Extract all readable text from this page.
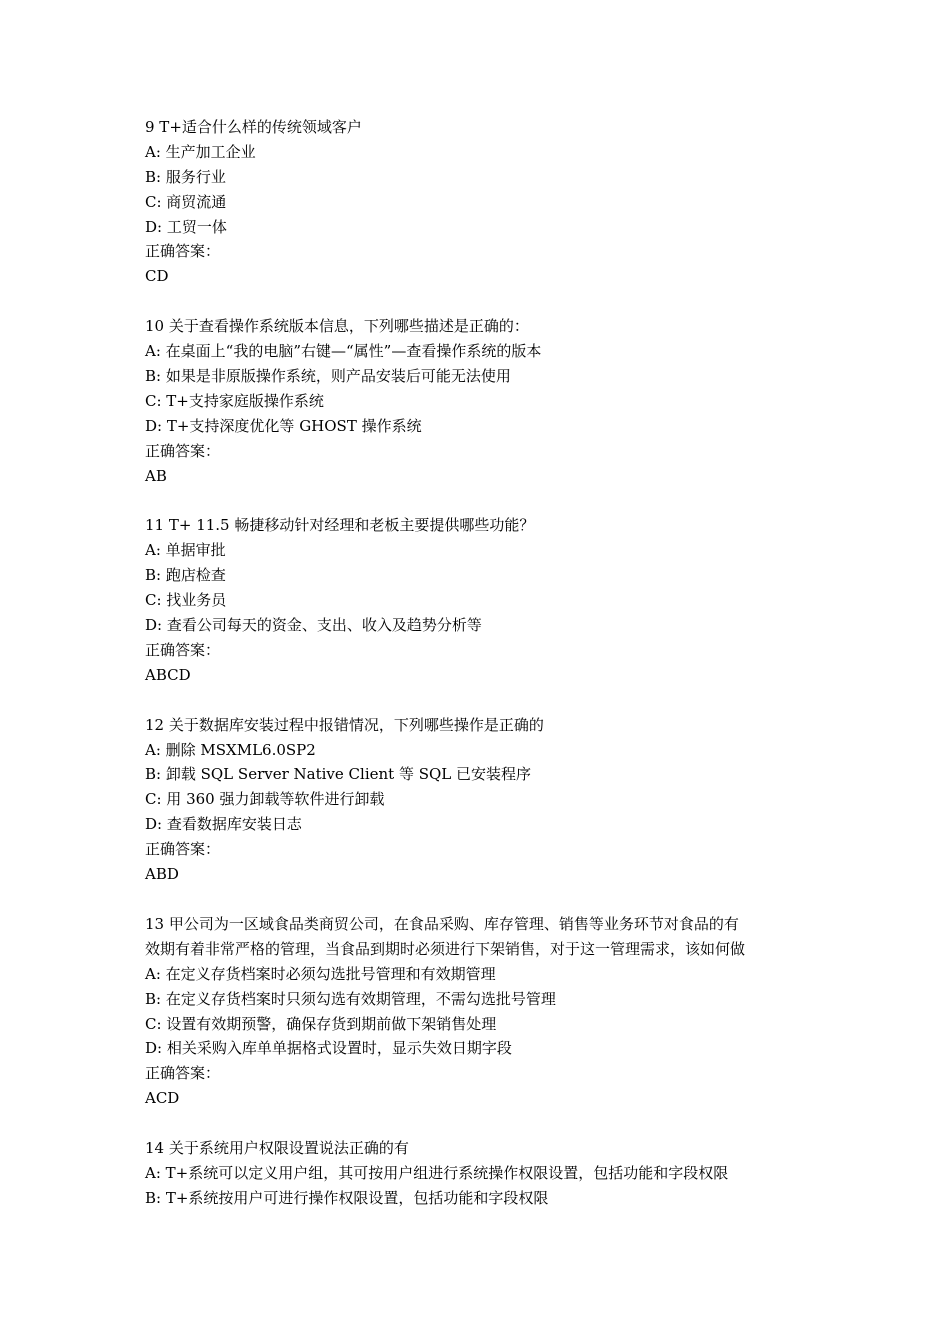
9 T+适合什么样的传统领域客户
A: 生产加工企业
B: 服务行业
C: 商贸流通
D: 工贸一体
正确答案：
CD
10 关于查看操作系统版本信息，下列哪些描述是正确的：
A: 在桌面上“我的电脑”右键—“属性”—查看操作系统的版本
B: 如果是非原版操作系统，则产品安装后可能无法使用
C: T+支持家庭版操作系统
D: T+支持深度优化等 GHOST 操作系统
正确答案：
AB
11 T+ 11.5 畅捷移动针对经理和老板主要提供哪些功能？
A: 单据审批
B: 跑店检查
C: 找业务员
D: 查看公司每天的资金、支出、收入及趋势分析等
正确答案：
ABCD
12 关于数据库安装过程中报错情况，下列哪些操作是正确的
A: 删除 MSXML6.0SP2
B: 卸载 SQL Server Native Client 等 SQL 已安装程序
C: 用 360 强力卸载等软件进行卸载
D: 查看数据库安装日志
正确答案：
ABD
13 甲公司为一区域食品类商贸公司，在食品采购、库存管理、销售等业务环节对食品的有
效期有着非常严格的管理，当食品到期时必须进行下架销售，对于这一管理需求，该如何做
A: 在定义存货档案时必须勾选批号管理和有效期管理
B: 在定义存货档案时只须勾选有效期管理，不需勾选批号管理
C: 设置有效期预警，确保存货到期前做下架销售处理
D: 相关采购入库单单据格式设置时，显示失效日期字段
正确答案：
ACD
14 关于系统用户权限设置说法正确的有
A: T+系统可以定义用户组，其可按用户组进行系统操作权限设置，包括功能和字段权限
B: T+系统按用户可进行操作权限设置，包括功能和字段权限
